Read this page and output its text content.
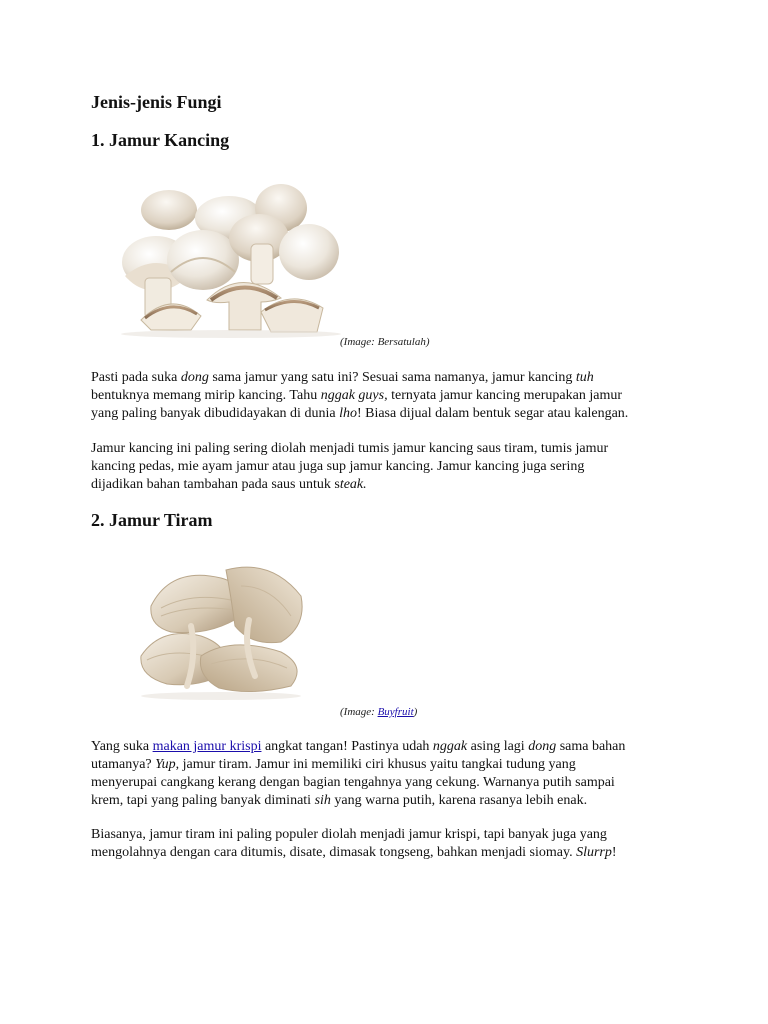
Jenis-jenis Fungi
1. Jamur Kancing
(Image: Bersatulah)

Pasti pada suka dong sama jamur yang satu ini? Sesuai sama namanya, jamur kancing tuh
bentuknya memang mirip kancing. Tahu nggak guys, ternyata jamur kancing merupakan jamur
yang paling banyak dibudidayakan di dunia lho! Biasa dijual dalam bentuk segar atau kalengan.

Jamur kancing ini paling sering diolah menjadi tumis jamur kancing saus tiram, tumis jamur
kancing pedas, mie ayam jamur atau juga sup jamur kancing. Jamur kancing juga sering
dijadikan bahan tambahan pada saus untuk steak.

2. Jamur Tiram
(Image: Buyfruit)

Yang suka makan jamur krispi angkat tangan! Pastinya udah nggak asing lagi dong sama bahan
utamanya? Yup, jamur tiram. Jamur ini memiliki ciri khusus yaitu tangkai tudung yang
menyerupai cangkang kerang dengan bagian tengahnya yang cekung. Warnanya putih sampai
krem, tapi yang paling banyak diminati sih yang warna putih, karena rasanya lebih enak.

Biasanya, jamur tiram ini paling populer diolah menjadi jamur krispi, tapi banyak juga yang
mengolahnya dengan cara ditumis, disate, dimasak tongseng, bahkan menjadi siomay. Slurrp!
